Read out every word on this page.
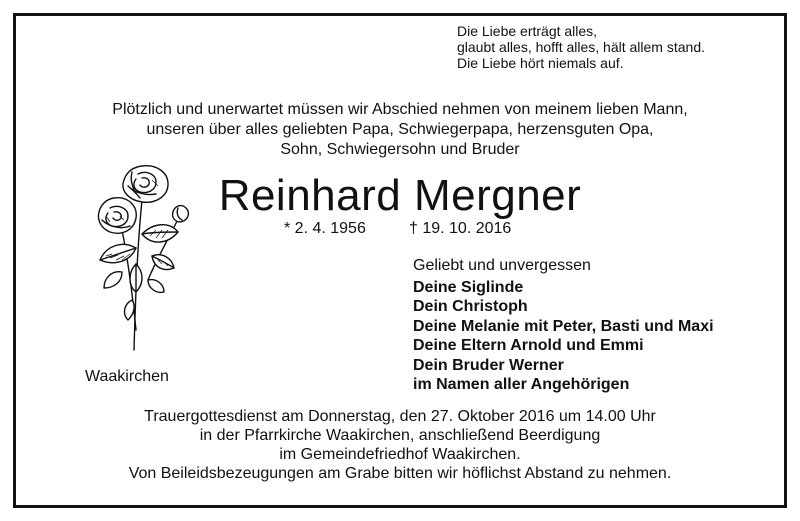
Die Liebe erträgt alles,
glaubt alles, hofft alles, hält allem stand.
Die Liebe hört niemals auf.
Plötzlich und unerwartet müssen wir Abschied nehmen von meinem lieben Mann,
unseren über alles geliebten Papa, Schwiegerpapa, herzensguten Opa,
Sohn, Schwiegersohn und Bruder
Reinhard Mergner
* 2. 4. 1956	† 19. 10. 2016
Waakirchen
Geliebt und unvergessen
Deine Siglinde
Dein Christoph
Deine Melanie mit Peter, Basti und Maxi
Deine Eltern Arnold und Emmi
Dein Bruder Werner
im Namen aller Angehörigen
Trauergottesdienst am Donnerstag, den 27. Oktober 2016 um 14.00 Uhr
in der Pfarrkirche Waakirchen, anschließend Beerdigung
im Gemeindefriedhof Waakirchen.
Von Beileidsbezeugungen am Grabe bitten wir höflichst Abstand zu nehmen.
